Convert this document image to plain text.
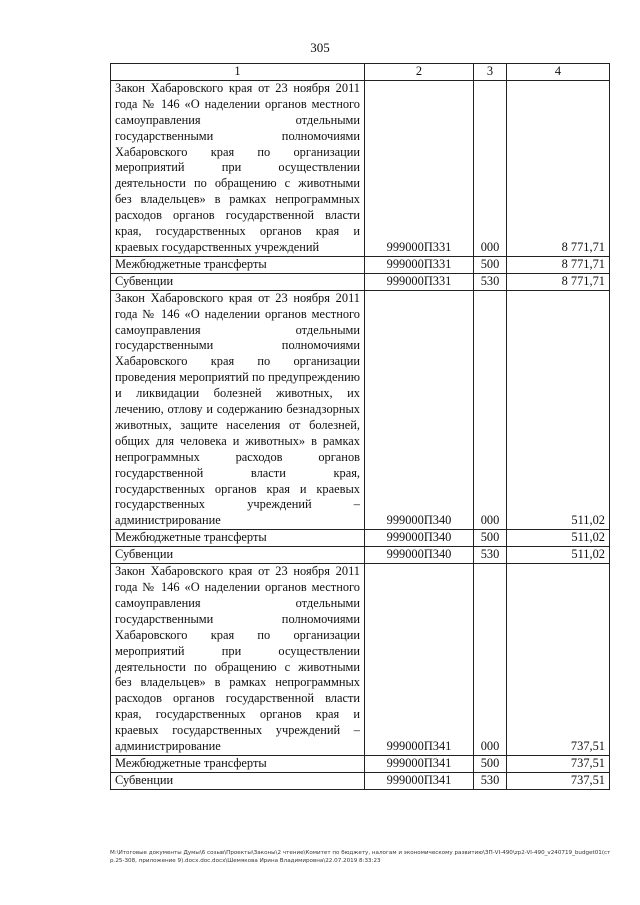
305
1	2	3	4
Закон Хабаровского края от 23 ноября 2011 года № 146 «О наделении органов местного самоуправления отдельными государственными полномочиями Хабаровского края по организации мероприятий при осуществлении деятельности по обращению с животными без владельцев» в рамках непрограммных расходов органов государственной власти края, государственных органов края и краевых государственных учреждений	999000П331	000	8 771,71
Межбюджетные трансферты	999000П331	500	8 771,71
Субвенции	999000П331	530	8 771,71
Закон Хабаровского края от 23 ноября 2011 года № 146 «О наделении органов местного самоуправления отдельными государственными полномочиями Хабаровского края по организации проведения мероприятий по предупреждению и ликвидации болезней животных, их лечению, отлову и содержанию безнадзорных животных, защите населения от болезней, общих для человека и животных» в рамках непрограммных расходов органов государственной власти края, государственных органов края и краевых государственных учреждений – администрирование	999000П340	000	511,02
Межбюджетные трансферты	999000П340	500	511,02
Субвенции	999000П340	530	511,02
Закон Хабаровского края от 23 ноября 2011 года № 146 «О наделении органов местного самоуправления отдельными государственными полномочиями Хабаровского края по организации мероприятий при осуществлении деятельности по обращению с животными без владельцев» в рамках непрограммных расходов органов государственной власти края, государственных органов края и краевых государственных учреждений – администрирование	999000П341	000	737,51
Межбюджетные трансферты	999000П341	500	737,51
Субвенции	999000П341	530	737,51
M:\Итоговые документы Думы\6 созыв\Проекты\Законы\2 чтение\Комитет по бюджету, налогам и экономическому развитию\ЗП-VI-490\zp2-VI-490_v240719_budget01(стр.25-308, приложение 9).docx.doc.docx\Шемякова Ирина Владимировна\22.07.2019 8:33:23
